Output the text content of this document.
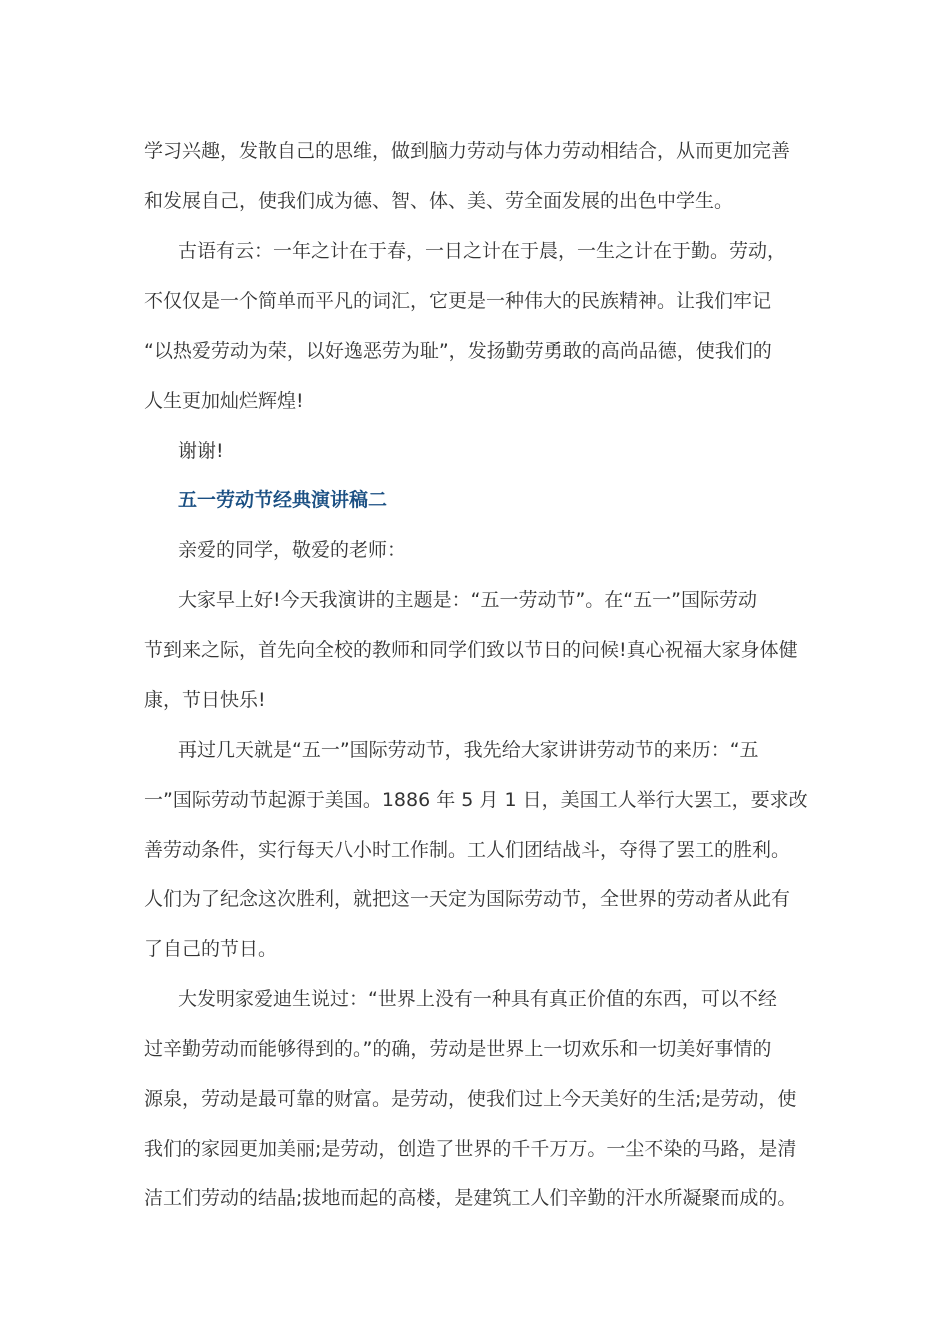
学习兴趣，发散自己的思维，做到脑力劳动与体力劳动相结合，从而更加完善
和发展自己，使我们成为德、智、体、美、劳全面发展的出色中学生。
古语有云：一年之计在于春，一日之计在于晨，一生之计在于勤。劳动，
不仅仅是一个简单而平凡的词汇，它更是一种伟大的民族精神。让我们牢记
“以热爱劳动为荣，以好逸恶劳为耻”，发扬勤劳勇敢的高尚品德，使我们的
人生更加灿烂辉煌!
谢谢!
五一劳动节经典演讲稿二
亲爱的同学，敬爱的老师：
大家早上好!今天我演讲的主题是：“五一劳动节”。在“五一”国际劳动
节到来之际，首先向全校的教师和同学们致以节日的问候!真心祝福大家身体健
康，节日快乐!
再过几天就是“五一”国际劳动节，我先给大家讲讲劳动节的来历：“五
一”国际劳动节起源于美国。1886 年 5 月 1 日，美国工人举行大罢工，要求改
善劳动条件，实行每天八小时工作制。工人们团结战斗，夺得了罢工的胜利。
人们为了纪念这次胜利，就把这一天定为国际劳动节，全世界的劳动者从此有
了自己的节日。
大发明家爱迪生说过：“世界上没有一种具有真正价值的东西，可以不经
过辛勤劳动而能够得到的。”的确，劳动是世界上一切欢乐和一切美好事情的
源泉，劳动是最可靠的财富。是劳动，使我们过上今天美好的生活;是劳动，使
我们的家园更加美丽;是劳动，创造了世界的千千万万。一尘不染的马路，是清
洁工们劳动的结晶;拔地而起的高楼，是建筑工人们辛勤的汗水所凝聚而成的。
